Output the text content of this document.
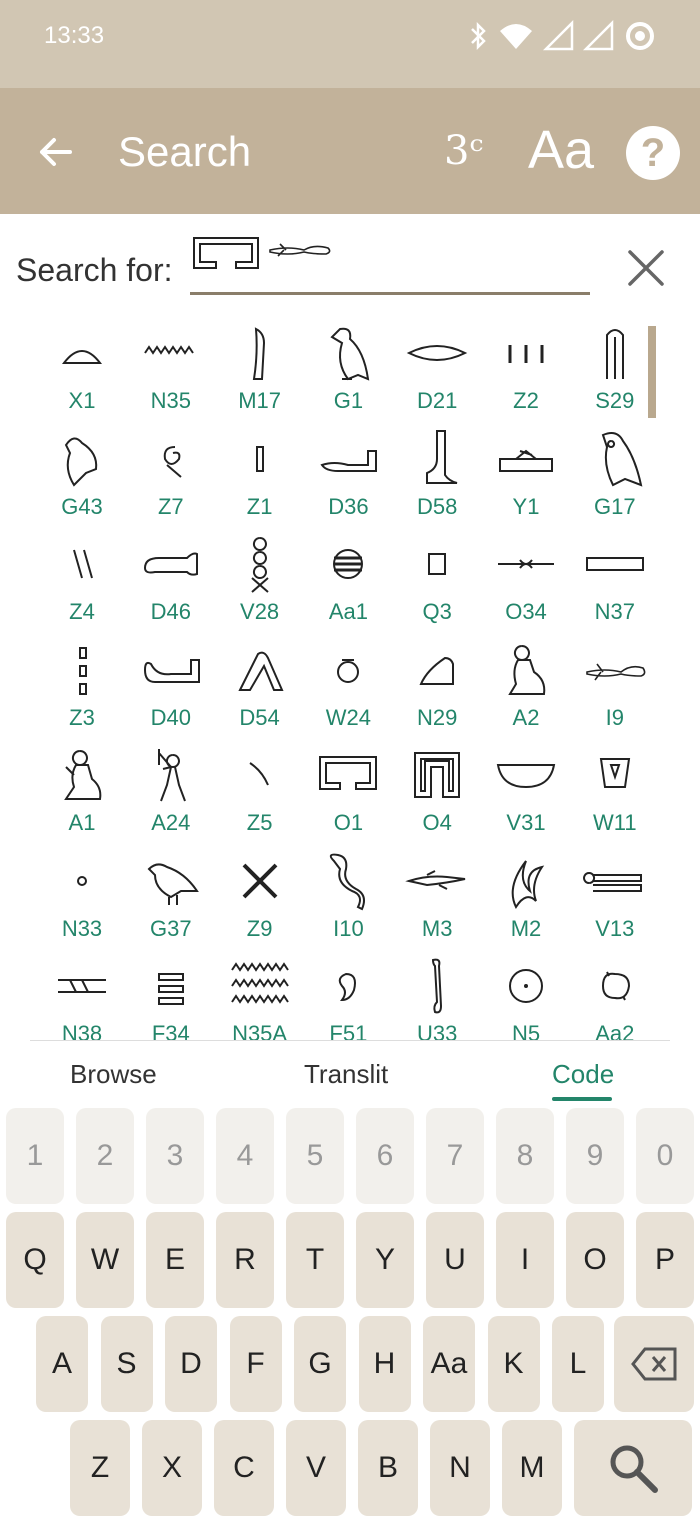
13:33
Search	3ᶜ Aa	?
Search for:
X1	N35	M17	G1	D21	Z2	S29
G43	Z7	Z1	D36	D58	Y1	G17
Z4	D46	V28	Aa1	Q3	O34	N37
Z3	D40	D54	W24	N29	A2	I9
A1	A24	Z5	O1	O4	V31	W11
N33	G37	Z9	I10	M3	M2	V13
N38	F34	N35A	F51	U33	N5	Aa2
Browse	Translit	Code
1	2	3	4	5	6	7	8	9	0
Q	W	E	R	T	Y	U	I	O	P
A	S	D	F	G	H	Aa	K	L
Z	X	C	V	B	N	M
